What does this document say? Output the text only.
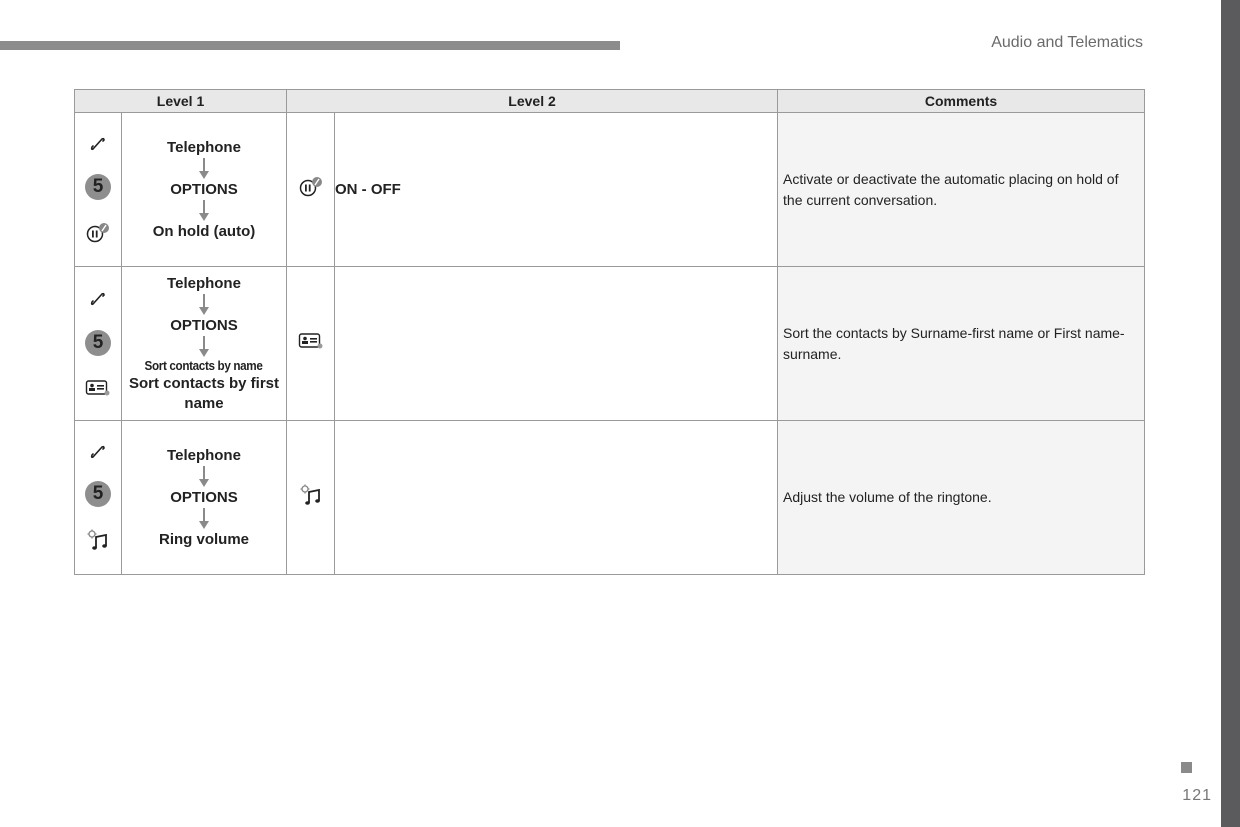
Audio and Telematics
121
Level 1		Level 2		Comments

5	Telephone
OPTIONS
On hold (auto)		ON - OFF	Activate or deactivate the automatic placing on hold of the current conversation.

5	Telephone
OPTIONS
Sort contacts by name
Sort contacts by first name			Sort the contacts by Surname-first name or First name-surname.

5	Telephone
OPTIONS
Ring volume			Adjust the volume of the ringtone.
